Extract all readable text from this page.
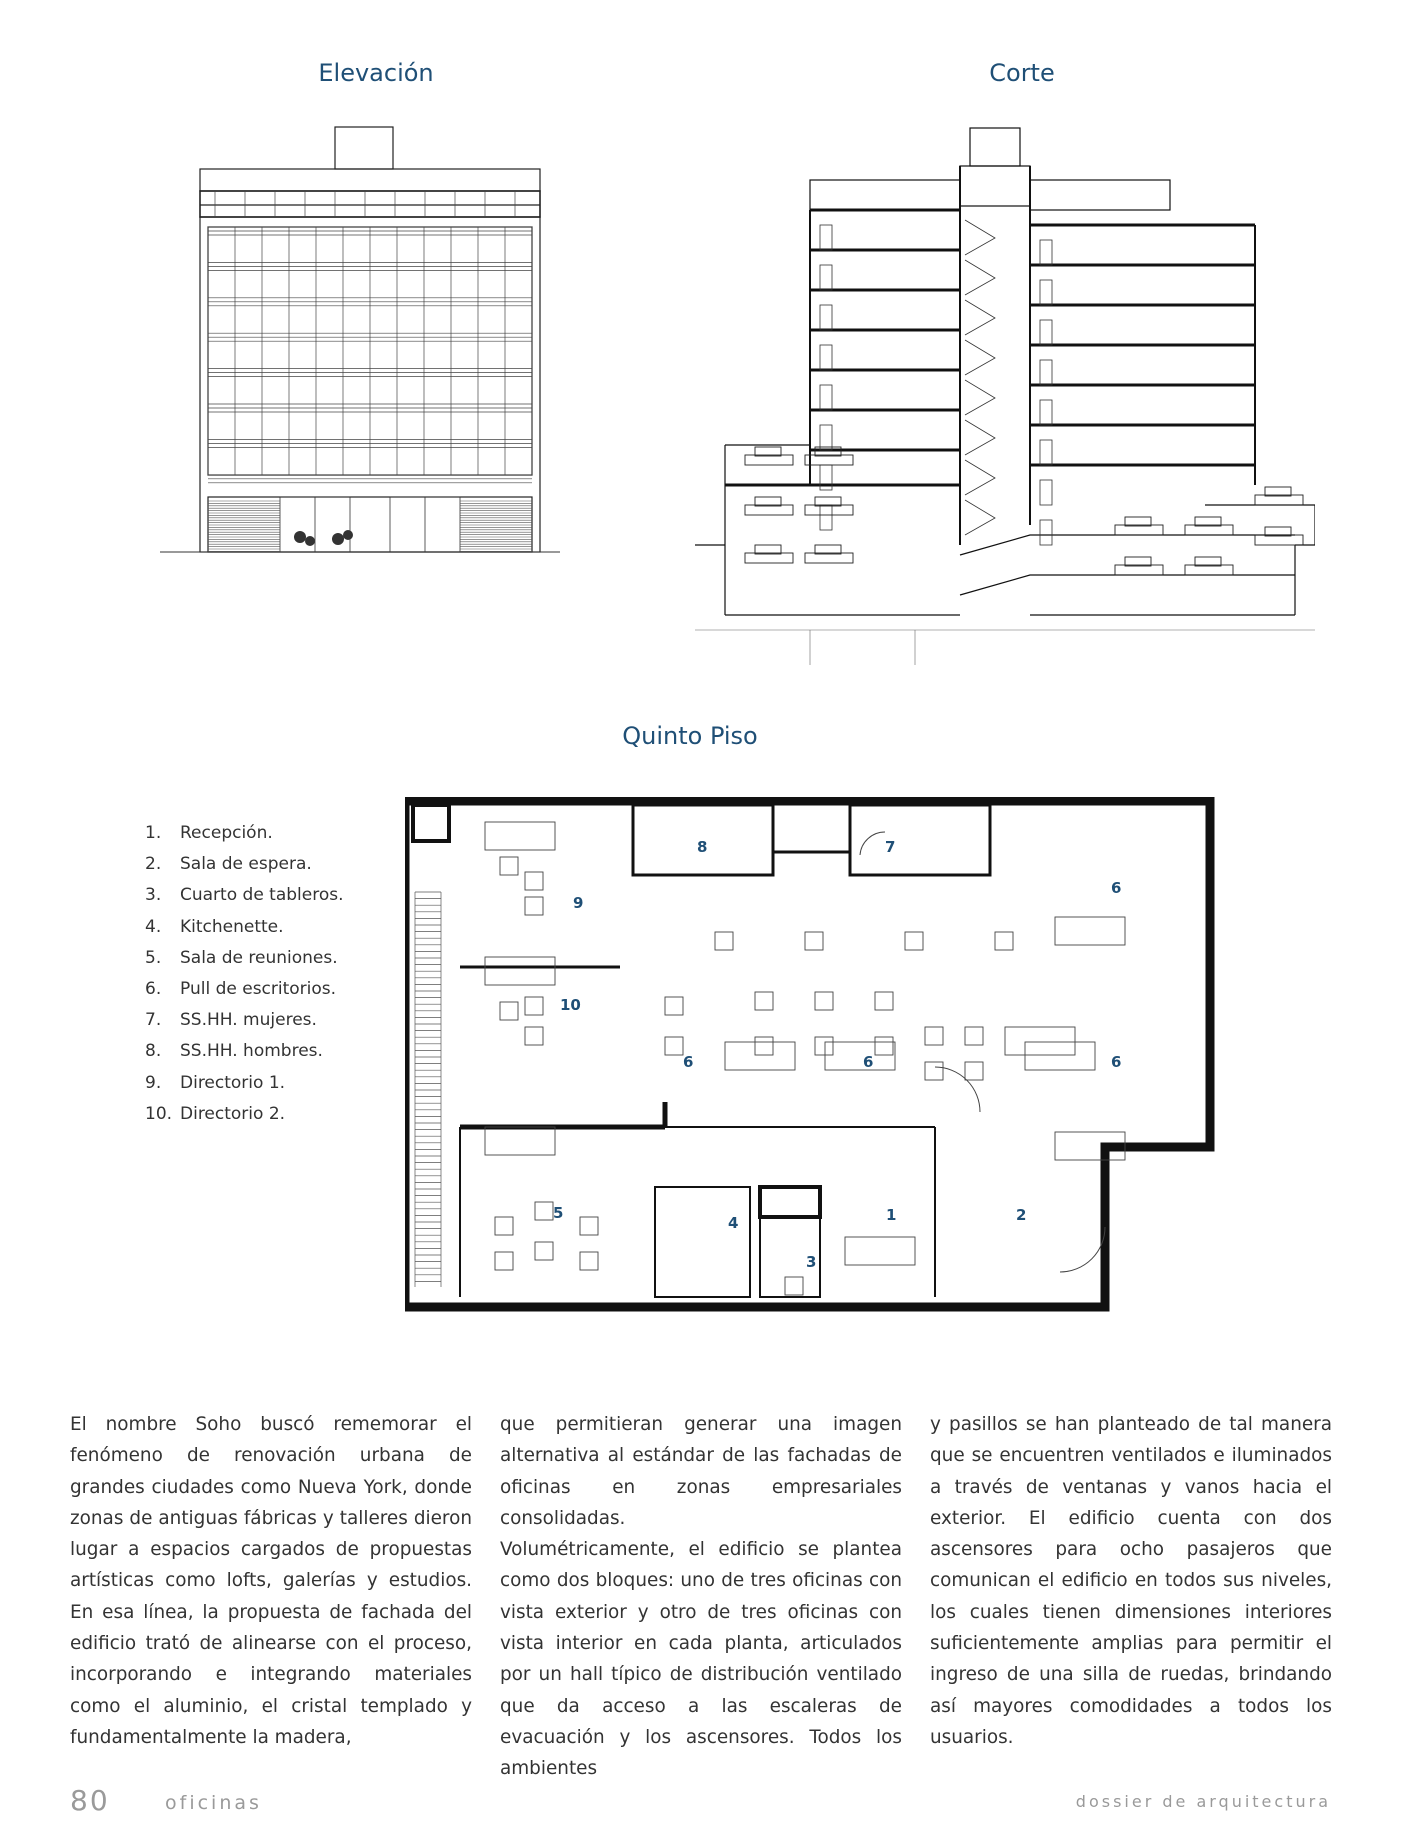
Elevación	Corte
Quinto Piso
9
10
8	7
6
6	6	6
5
4
3
1	2
1. Recepción.
2. Sala de espera.
3. Cuarto de tableros.
4. Kitchenette.
5. Sala de reuniones.
6. Pull de escritorios.
7. SS.HH. mujeres.
8. SS.HH. hombres.
9. Directorio 1.
10. Directorio 2.

El nombre Soho buscó rememorar el fenómeno de renovación urbana de grandes ciudades como Nueva York, donde zonas de antiguas fábricas y talleres dieron lugar a espacios cargados de propuestas artísticas como lofts, galerías y estudios. En esa línea, la propuesta de fachada del edificio trató de alinearse con el proceso, incorporando e integrando materiales como el aluminio, el cristal templado y fundamentalmente la madera,

que permitieran generar una imagen alternativa al estándar de las fachadas de oficinas en zonas empresariales consolidadas.

Volumétricamente, el edificio se plantea como dos bloques: uno de tres oficinas con vista exterior y otro de tres oficinas con vista interior en cada planta, articulados por un hall típico de distribución ventilado que da acceso a las escaleras de evacuación y los ascensores. Todos los ambientes

y pasillos se han planteado de tal manera que se encuentren ventilados e iluminados a través de ventanas y vanos hacia el exterior. El edificio cuenta con dos ascensores para ocho pasajeros que comunican el edificio en todos sus niveles, los cuales tienen dimensiones interiores suficientemente amplias para permitir el ingreso de una silla de ruedas, brindando así mayores comodidades a todos los usuarios.

80	oficinas	dossier de arquitectura
